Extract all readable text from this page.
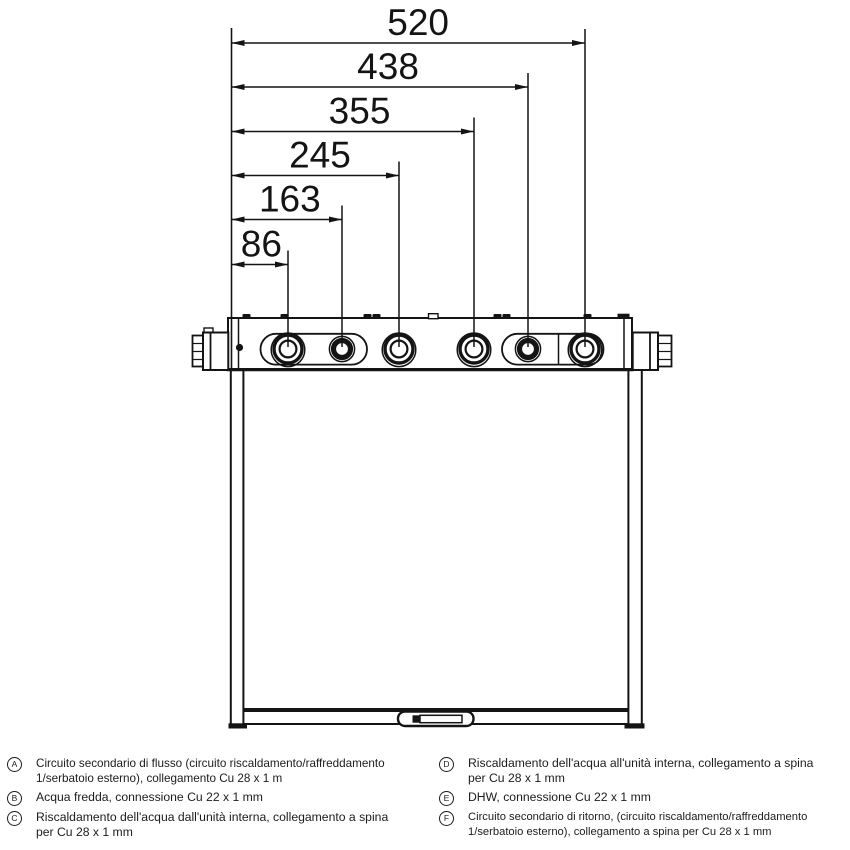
520
438
355
245
163
86
A	Circuito secondario di flusso (circuito riscaldamento/raffreddamento
1/serbatoio esterno), collegamento Cu 28 x 1 m
B	Acqua fredda, connessione Cu 22 x 1 mm
C	Riscaldamento dell'acqua dall'unità interna, collegamento a spina
per Cu 28 x 1 mm
D	Riscaldamento dell'acqua all'unità interna, collegamento a spina
per Cu 28 x 1 mm
E	DHW, connessione Cu 22 x 1 mm
F	Circuito secondario di ritorno, (circuito riscaldamento/raffreddamento
1/serbatoio esterno), collegamento a spina per Cu 28 x 1 mm
